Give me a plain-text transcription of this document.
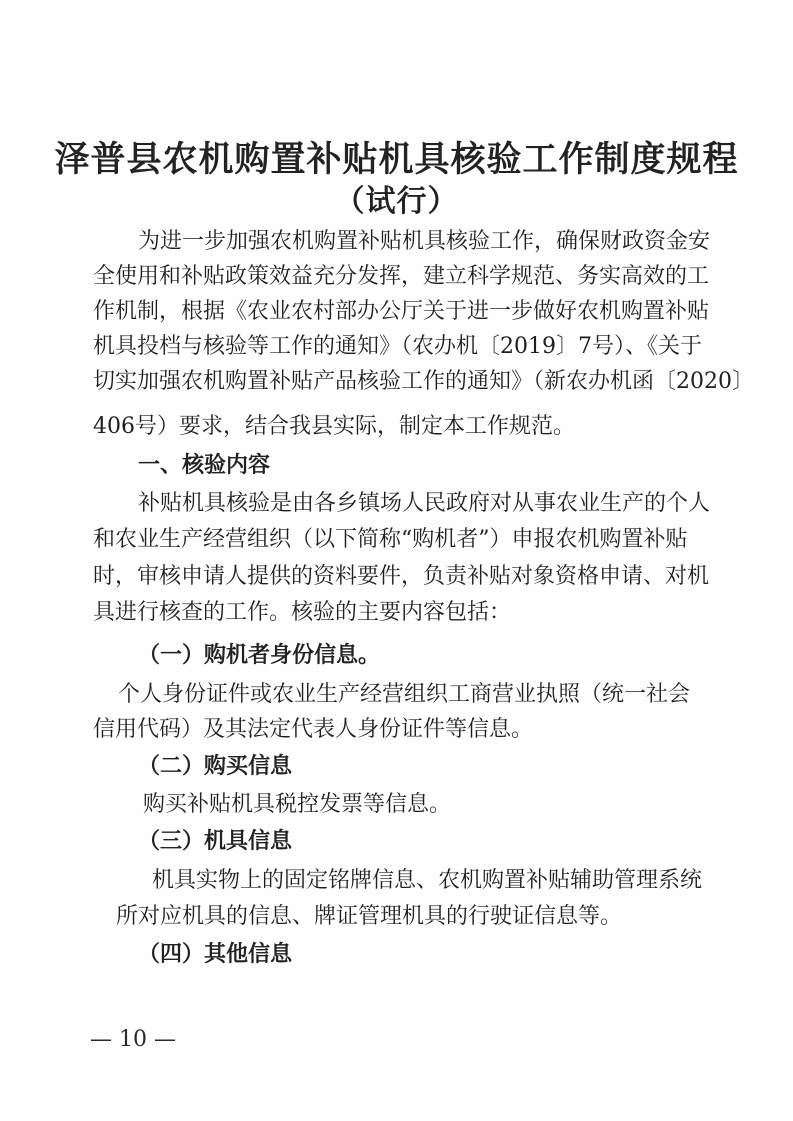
泽普县农机购置补贴机具核验工作制度规程
（试行）
为进一步加强农机购置补贴机具核验工作，确保财政资金安
全使用和补贴政策效益充分发挥，建立科学规范、务实高效的工
作机制，根据《农业农村部办公厅关于进一步做好农机购置补贴
机具投档与核验等工作的通知》（农办机〔2019〕7号）、《关于
切实加强农机购置补贴产品核验工作的通知》（新农办机函〔2020〕
406号）要求，结合我县实际，制定本工作规范。
一、核验内容
补贴机具核验是由各乡镇场人民政府对从事农业生产的个人
和农业生产经营组织（以下简称“购机者”）申报农机购置补贴
时，审核申请人提供的资料要件，负责补贴对象资格申请、对机
具进行核查的工作。核验的主要内容包括：
（一）购机者身份信息。
个人身份证件或农业生产经营组织工商营业执照（统一社会
信用代码）及其法定代表人身份证件等信息。
（二）购买信息
购买补贴机具税控发票等信息。
（三）机具信息
机具实物上的固定铭牌信息、农机购置补贴辅助管理系统
所对应机具的信息、牌证管理机具的行驶证信息等。
（四）其他信息
— 10 —
